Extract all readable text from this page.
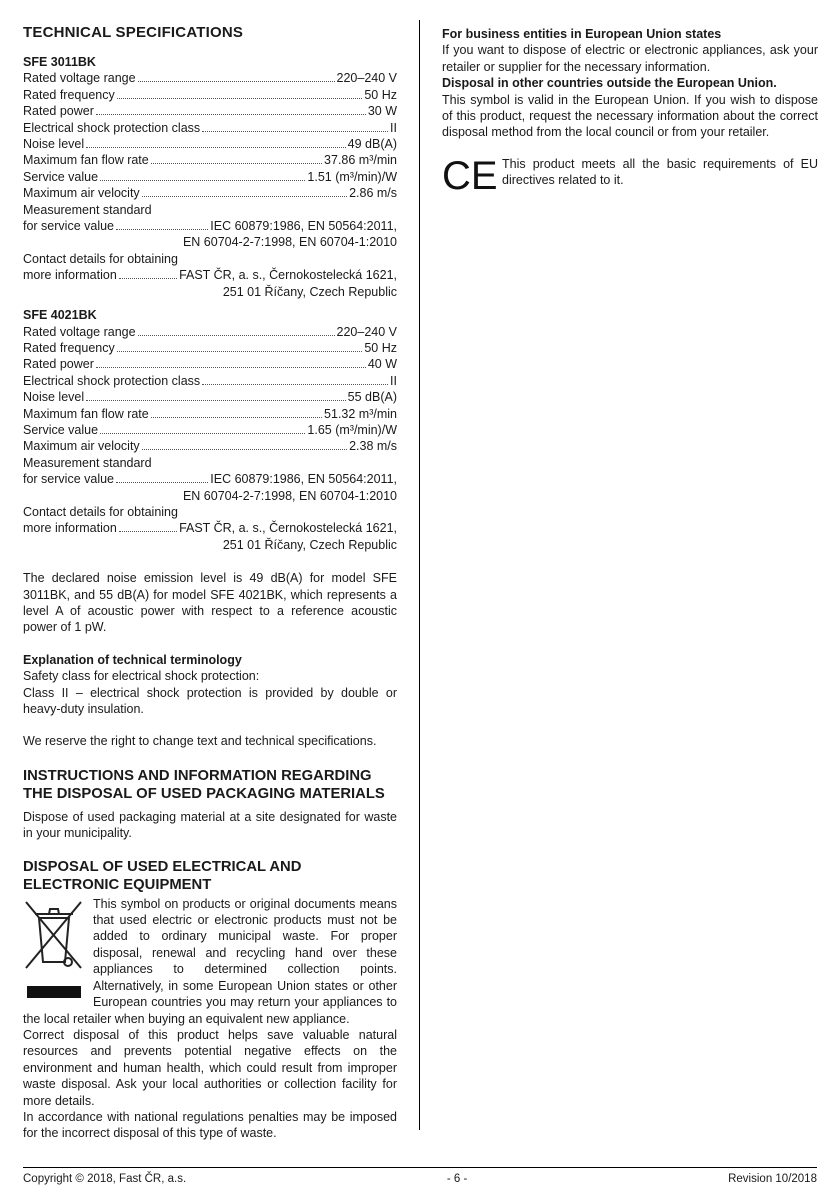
TECHNICAL SPECIFICATIONS
SFE 3011BK
Rated voltage range	220–240 V
Rated frequency	50 Hz
Rated power	30 W
Electrical shock protection class	II
Noise level	49 dB(A)
Maximum fan flow rate	37.86 m³/min
Service value	1.51 (m³/min)/W
Maximum air velocity	2.86 m/s
Measurement standard
for service value	IEC 60879:1986, EN 50564:2011,
EN 60704-2-7:1998, EN 60704-1:2010
Contact details for obtaining
more information	FAST ČR, a. s., Černokostelecká 1621,
251 01 Říčany, Czech Republic
SFE 4021BK
Rated voltage range	220–240 V
Rated frequency	50 Hz
Rated power	40 W
Electrical shock protection class	II
Noise level	55 dB(A)
Maximum fan flow rate	51.32 m³/min
Service value	1.65 (m³/min)/W
Maximum air velocity	2.38 m/s
Measurement standard
for service value	IEC 60879:1986, EN 50564:2011,
EN 60704-2-7:1998, EN 60704-1:2010
Contact details for obtaining
more information	FAST ČR, a. s., Černokostelecká 1621,
251 01 Říčany, Czech Republic

The declared noise emission level is 49 dB(A) for model SFE 3011BK, and 55 dB(A) for model SFE 4021BK, which represents a level A of acoustic power with respect to a reference acoustic power of 1 pW.

Explanation of technical terminology
Safety class for electrical shock protection:

Class II – electrical shock protection is provided by double or heavy-duty insulation.

We reserve the right to change text and technical specifications.
INSTRUCTIONS AND INFORMATION REGARDING THE DISPOSAL OF USED PACKAGING MATERIALS

Dispose of used packaging material at a site designated for waste in your municipality.

DISPOSAL OF USED ELECTRICAL AND ELECTRONIC EQUIPMENT

This symbol on products or original documents means that used electric or electronic products must not be added to ordinary municipal waste. For proper disposal, renewal and recycling hand over these appliances to determined collection points. Alternatively, in some European Union states or other European countries you may return your appliances to the local retailer when buying an equivalent new appliance.

Correct disposal of this product helps save valuable natural resources and prevents potential negative effects on the environment and human health, which could result from improper waste disposal. Ask your local authorities or collection facility for more details.

In accordance with national regulations penalties may be imposed for the incorrect disposal of this type of waste.

For business entities in European Union states

If you want to dispose of electric or electronic appliances, ask your retailer or supplier for the necessary information.

Disposal in other countries outside the European Union.

This symbol is valid in the European Union. If you wish to dispose of this product, request the necessary information about the correct disposal method from the local council or from your retailer.

CE This product meets all the basic requirements of EU directives related to it.

Copyright © 2018, Fast ČR, a.s.	- 6 -	Revision 10/2018
